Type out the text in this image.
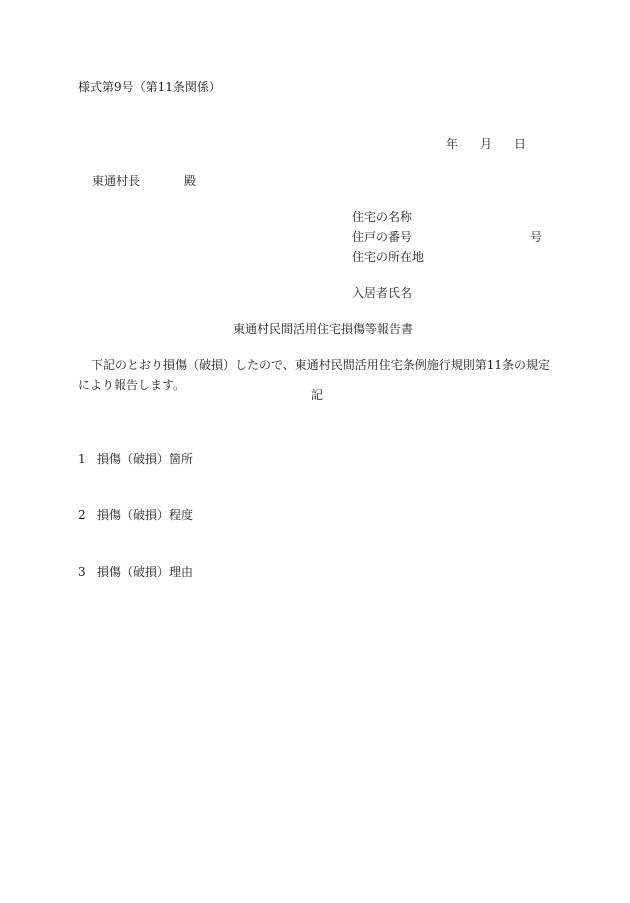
様式第9号（第11条関係）
年 月 日
東通村長	殿
住宅の名称
住戸の番号	号
住宅の所在地
入居者氏名
東通村民間活用住宅損傷等報告書
下記のとおり損傷（破損）したので、東通村民間活用住宅条例施行規則第11条の規定により報告します。
記
1 損傷（破損）箇所
2 損傷（破損）程度
3 損傷（破損）理由
